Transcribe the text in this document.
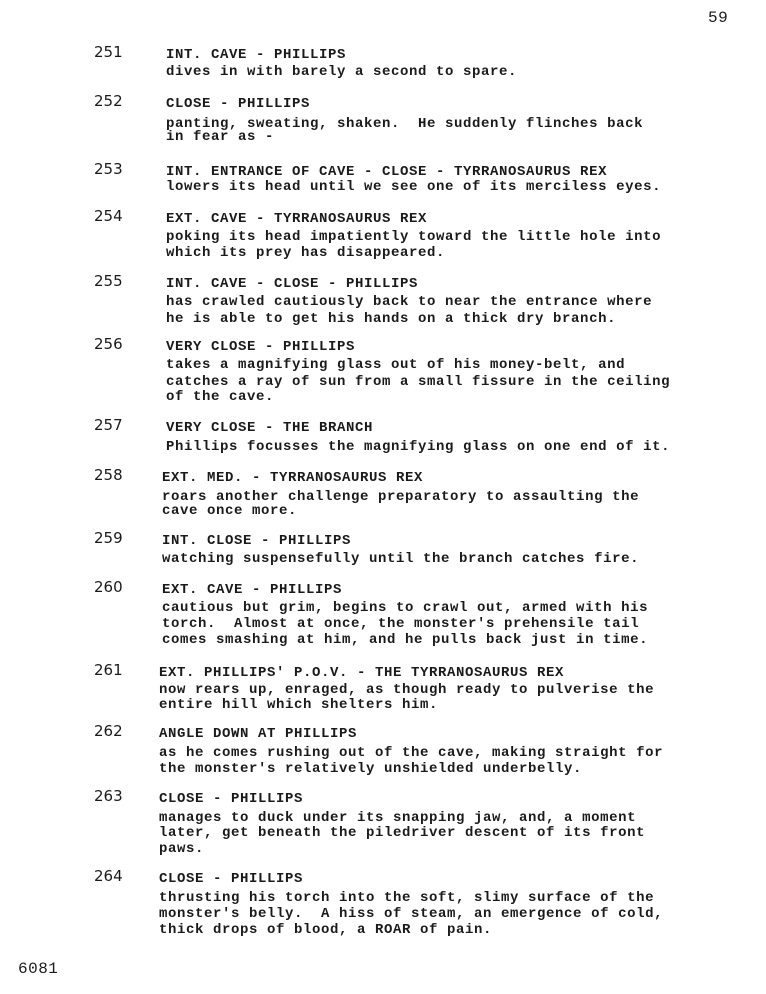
59
251	INT. CAVE - PHILLIPS
dives in with barely a second to spare.
252	CLOSE - PHILLIPS
panting, sweating, shaken.  He suddenly flinches back
in fear as -
253	INT. ENTRANCE OF CAVE - CLOSE - TYRRANOSAURUS REX
lowers its head until we see one of its merciless eyes.
254	EXT. CAVE - TYRRANOSAURUS REX
poking its head impatiently toward the little hole into
which its prey has disappeared.
255	INT. CAVE - CLOSE - PHILLIPS
has crawled cautiously back to near the entrance where
he is able to get his hands on a thick dry branch.
256	VERY CLOSE - PHILLIPS
takes a magnifying glass out of his money-belt, and
catches a ray of sun from a small fissure in the ceiling
of the cave.
257	VERY CLOSE - THE BRANCH
Phillips focusses the magnifying glass on one end of it.
258	EXT. MED. - TYRRANOSAURUS REX
roars another challenge preparatory to assaulting the
cave once more.
259	INT. CLOSE - PHILLIPS
watching suspensefully until the branch catches fire.
260	EXT. CAVE - PHILLIPS
cautious but grim, begins to crawl out, armed with his
torch.  Almost at once, the monster's prehensile tail
comes smashing at him, and he pulls back just in time.
261	EXT. PHILLIPS' P.O.V. - THE TYRRANOSAURUS REX
now rears up, enraged, as though ready to pulverise the
entire hill which shelters him.
262	ANGLE DOWN AT PHILLIPS
as he comes rushing out of the cave, making straight for
the monster's relatively unshielded underbelly.
263	CLOSE - PHILLIPS
manages to duck under its snapping jaw, and, a moment
later, get beneath the piledriver descent of its front
paws.
264	CLOSE - PHILLIPS
thrusting his torch into the soft, slimy surface of the
monster's belly.  A hiss of steam, an emergence of cold,
thick drops of blood, a ROAR of pain.
6081
